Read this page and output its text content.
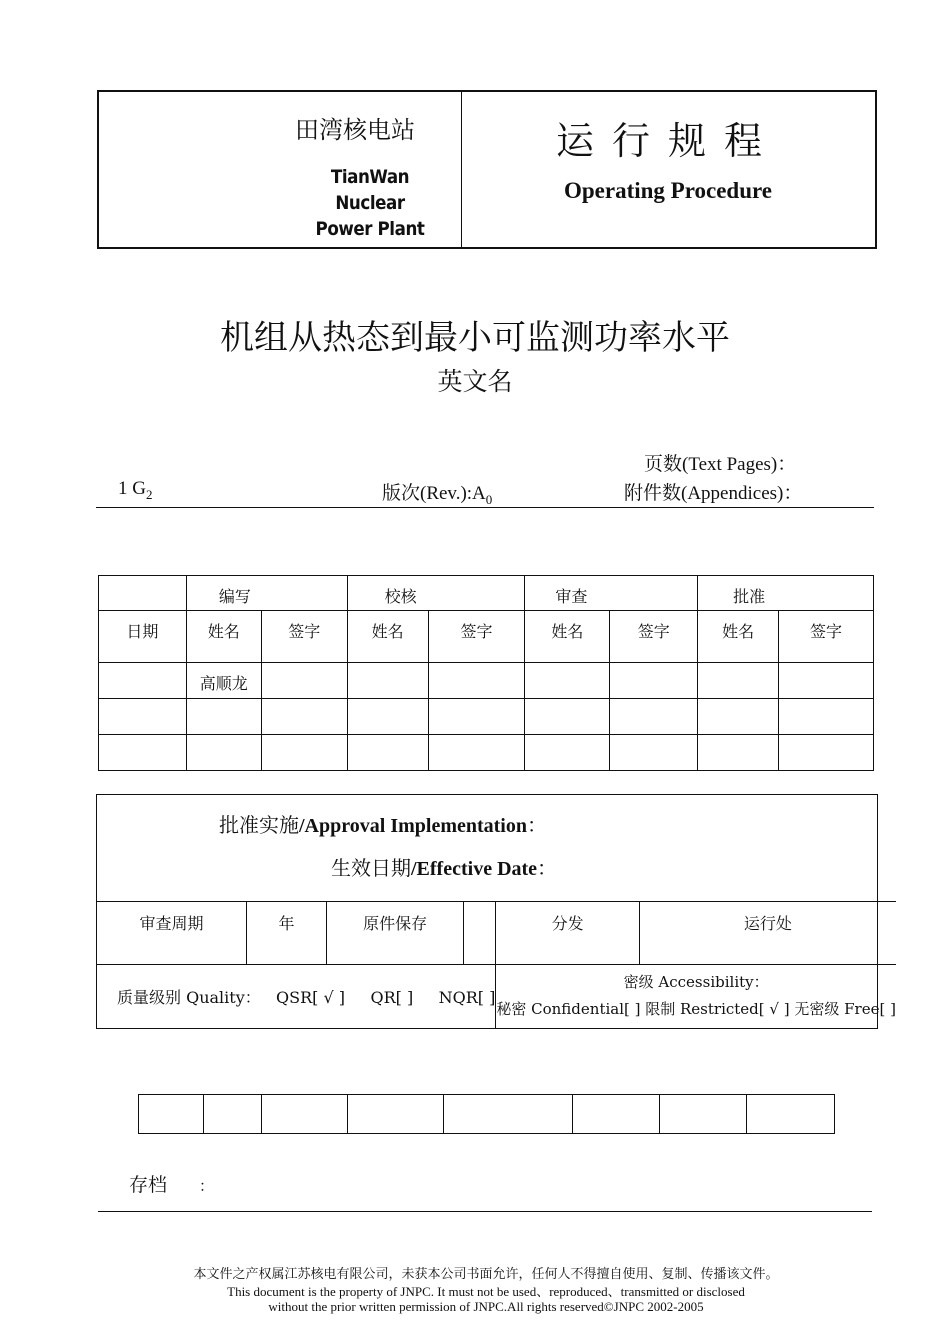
田湾核电站
TianWan Nuclear
Power Plant
运行规程
Operating Procedure
机组从热态到最小可监测功率水平
英文名
1 $G_2$	版次$(Rev.):A_0$
页数(Text Pages)：
附件数(Appendices)：
	编写		校核		审查		批准	
日期	姓名	签字	姓名	签字	姓名	签字	姓名	签字
	高顺龙							

批准实施/Approval Implementation：
生效日期/Effective Date：
审查周期	年	原件保存		分发	运行处
质量级别 Quality： QSR[ √ ] QR[ ] NQR[ ]				密级 Accessibility：
秘密 Confidential[ ] 限制 Restricted[ √ ] 无密级 Free[ ]	

存档 ：
本文件之产权属江苏核电有限公司，未获本公司书面允许，任何人不得擅自使用、复制、传播该文件。
This document is the property of JNPC. It must not be used、reproduced、transmitted or disclosed
without the prior written permission of JNPC.All rights reserved©JNPC 2002-2005
